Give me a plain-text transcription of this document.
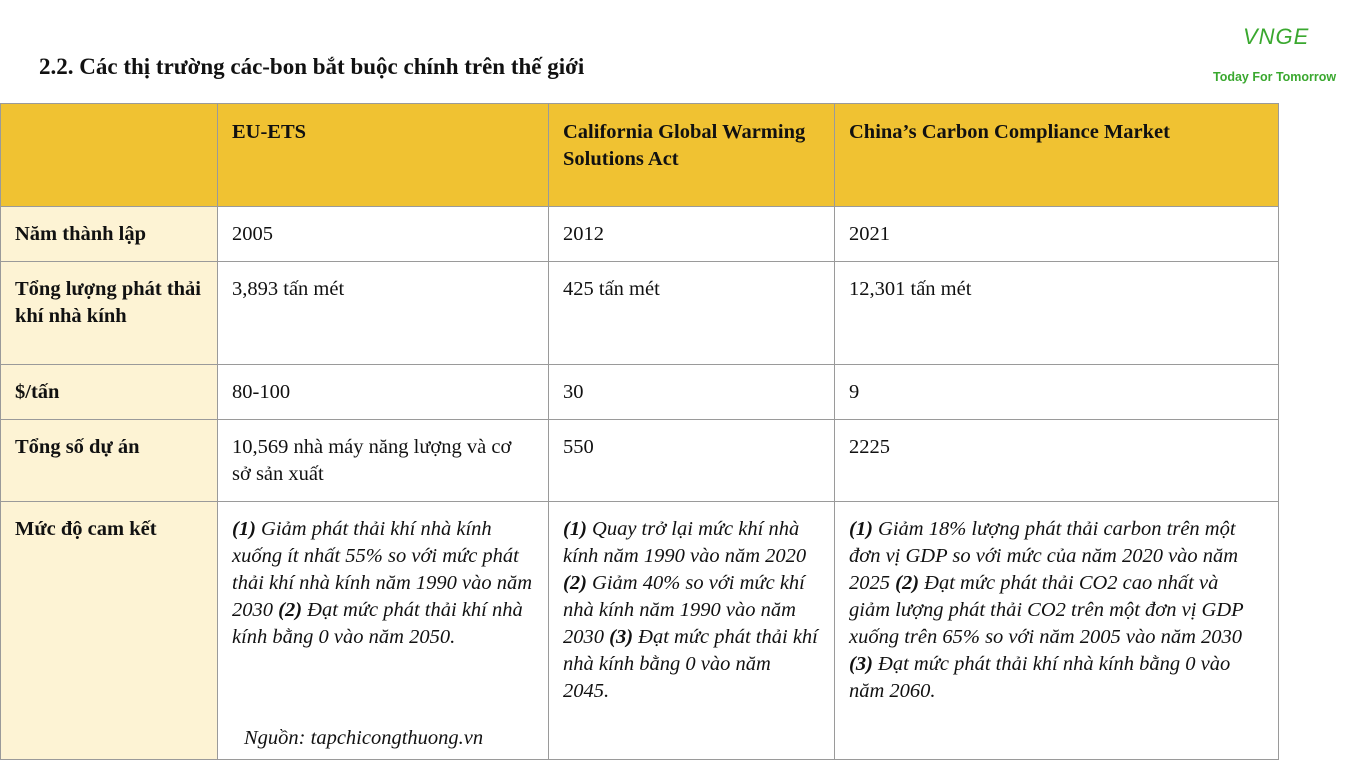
2.2. Các thị trường các-bon bắt buộc chính trên thế giới
VNGE
Today For Tomorrow
	EU-ETS	California Global Warming Solutions Act	China’s Carbon Compliance Market
Năm thành lập	2005	2012	2021
Tổng lượng phát thải khí nhà kính	3,893 tấn mét	425 tấn mét	12,301 tấn mét
$/tấn	80-100	30	9
Tổng số dự án	10,569 nhà máy năng lượng và cơ sở sản xuất	550	2225
Mức độ cam kết	(1) Giảm phát thải khí nhà kính xuống ít nhất 55% so với mức phát thải khí nhà kính năm 1990 vào năm 2030 (2) Đạt mức phát thải khí nhà kính bằng 0 vào năm 2050.	(1) Quay trở lại mức khí nhà kính năm 1990 vào năm 2020 (2) Giảm 40% so với mức khí nhà kính năm 1990 vào năm 2030 (3) Đạt mức phát thải khí nhà kính bằng 0 vào năm 2045.	(1) Giảm 18% lượng phát thải carbon trên một đơn vị GDP so với mức của năm 2020 vào năm 2025 (2) Đạt mức phát thải CO2 cao nhất và giảm lượng phát thải CO2 trên một đơn vị GDP xuống trên 65% so với năm 2005 vào năm 2030 (3) Đạt mức phát thải khí nhà kính bằng 0 vào năm 2060.
Nguồn: tapchicongthuong.vn
